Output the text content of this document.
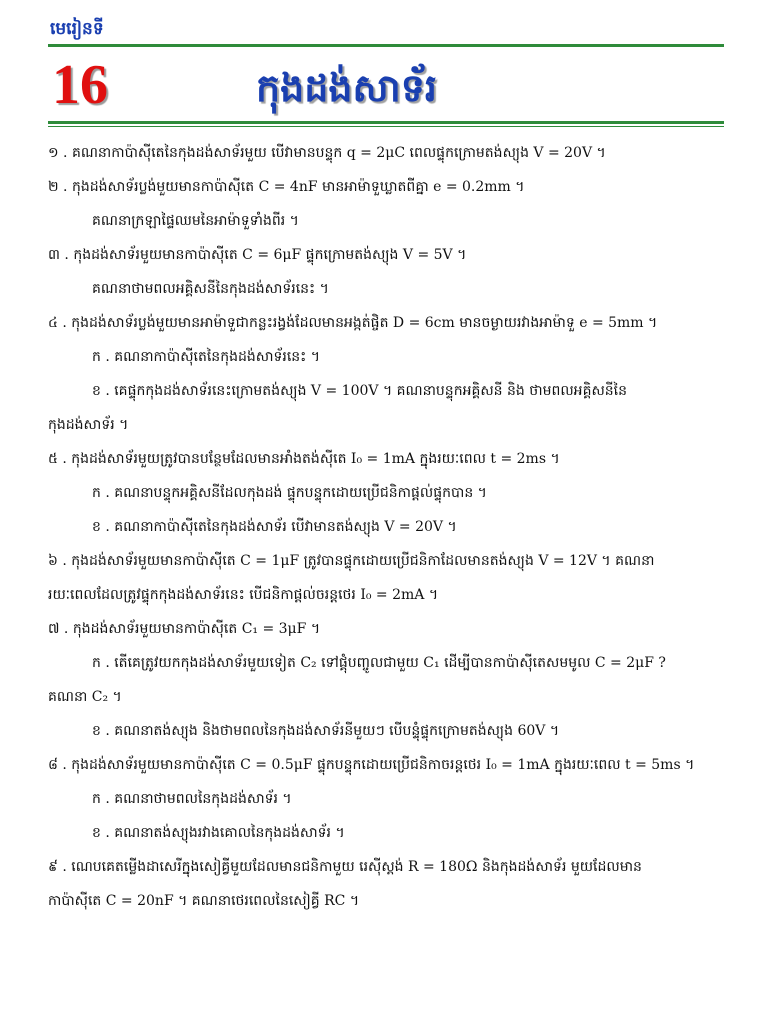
មេរៀនទី
16	កុងដង់សាទ័រ
១ . គណនាកាប៉ាស៊ីតេនៃកុងដង់សាទ័រមួយ បើវាមានបន្ទុក q = 2μC ពេលផ្ទុកក្រោមតង់ស្យុង V = 20V ។
២ . កុងដង់សាទ័រប្លង់មួយមានកាប៉ាស៊ីតេ C = 4nF មានអាម៉ាទួឃ្លាតពីគ្នា e = 0.2mm ។
គណនាក្រឡាផ្ទៃឈមនៃអាម៉ាទួទាំងពីរ ។
៣ . កុងដង់សាទ័រមួយមានកាប៉ាស៊ីតេ C = 6μF ផ្ទុកក្រោមតង់ស្យុង V = 5V ។
គណនាថាមពលអគ្គិសនីនៃកុងដង់សាទ័រនេះ ។
៤ . កុងដង់សាទ័រប្លង់មួយមានអាម៉ាទួជាកន្លះរង្វង់ដែលមានអង្កត់ផ្ចិត D = 6cm មានចម្ងាយរវាងអាម៉ាទួ e = 5mm ។
ក . គណនាកាប៉ាស៊ីតេនៃកុងដង់សាទ័រនេះ ។
ខ . គេផ្ទុកកុងដង់សាទ័រនេះក្រោមតង់ស្យុង V = 100V ។ គណនាបន្ទុកអគ្គិសនី និង ថាមពលអគ្គិសនីនៃ
កុងដង់សាទ័រ ។
៥ . កុងដង់សាទ័រមួយត្រូវបានបន្ថែមដែលមានអាំងតង់ស៊ីតេ I₀ = 1mA ក្នុងរយៈពេល t = 2ms ។
ក . គណនាបន្ទុកអគ្គិសនីដែលកុងដង់ ផ្ទុកបន្ទុកដោយប្រើជនិកាផ្ដល់ផ្ទុកបាន ។
ខ . គណនាកាប៉ាស៊ីតេនៃកុងដង់សាទ័រ បើវាមានតង់ស្យុង V = 20V ។
៦ . កុងដង់សាទ័រមួយមានកាប៉ាស៊ីតេ C = 1μF ត្រូវបានផ្ទុកដោយប្រើជនិកាដែលមានតង់ស្យុង V = 12V ។ គណនា
រយៈពេលដែលត្រូវផ្ទុកកុងដង់សាទ័រនេះ បើជនិកាផ្ដល់ចរន្តថេរ I₀ = 2mA ។
៧ . កុងដង់សាទ័រមួយមានកាប៉ាស៊ីតេ C₁ = 3μF ។
ក . តើគេត្រូវយកកុងដង់សាទ័រមួយទៀត C₂ ទៅផ្គុំបញ្ចូលជាមួយ C₁ ដើម្បីបានកាប៉ាស៊ីតេសមមូល C = 2μF ?
គណនា C₂ ។
ខ . គណនាតង់ស្យុង និងថាមពលនៃកុងដង់សាទ័រនីមួយៗ បើបន្ទុំផ្ទុកក្រោមតង់ស្យុង 60V ។
៨ . កុងដង់សាទ័រមួយមានកាប៉ាស៊ីតេ C = 0.5μF ផ្ទុកបន្ទុកដោយប្រើជនិកាចរន្តថេរ I₀ = 1mA ក្នុងរយៈពេល t = 5ms ។
ក . គណនាថាមពលនៃកុងដង់សាទ័រ ។
ខ . គណនាតង់ស្យុងរវាងគោលនៃកុងដង់សាទ័រ ។
៩ . ណេបគេតម្លើងដាសេរីក្នុងសៀគ្វីមួយដែលមានជនិកាមួយ រេស៊ីស្តង់ R = 180Ω និងកុងដង់សាទ័រ មួយដែលមាន
កាប៉ាស៊ីតេ C = 20nF ។ គណនាថេរពេលនៃសៀគ្វី RC ។
